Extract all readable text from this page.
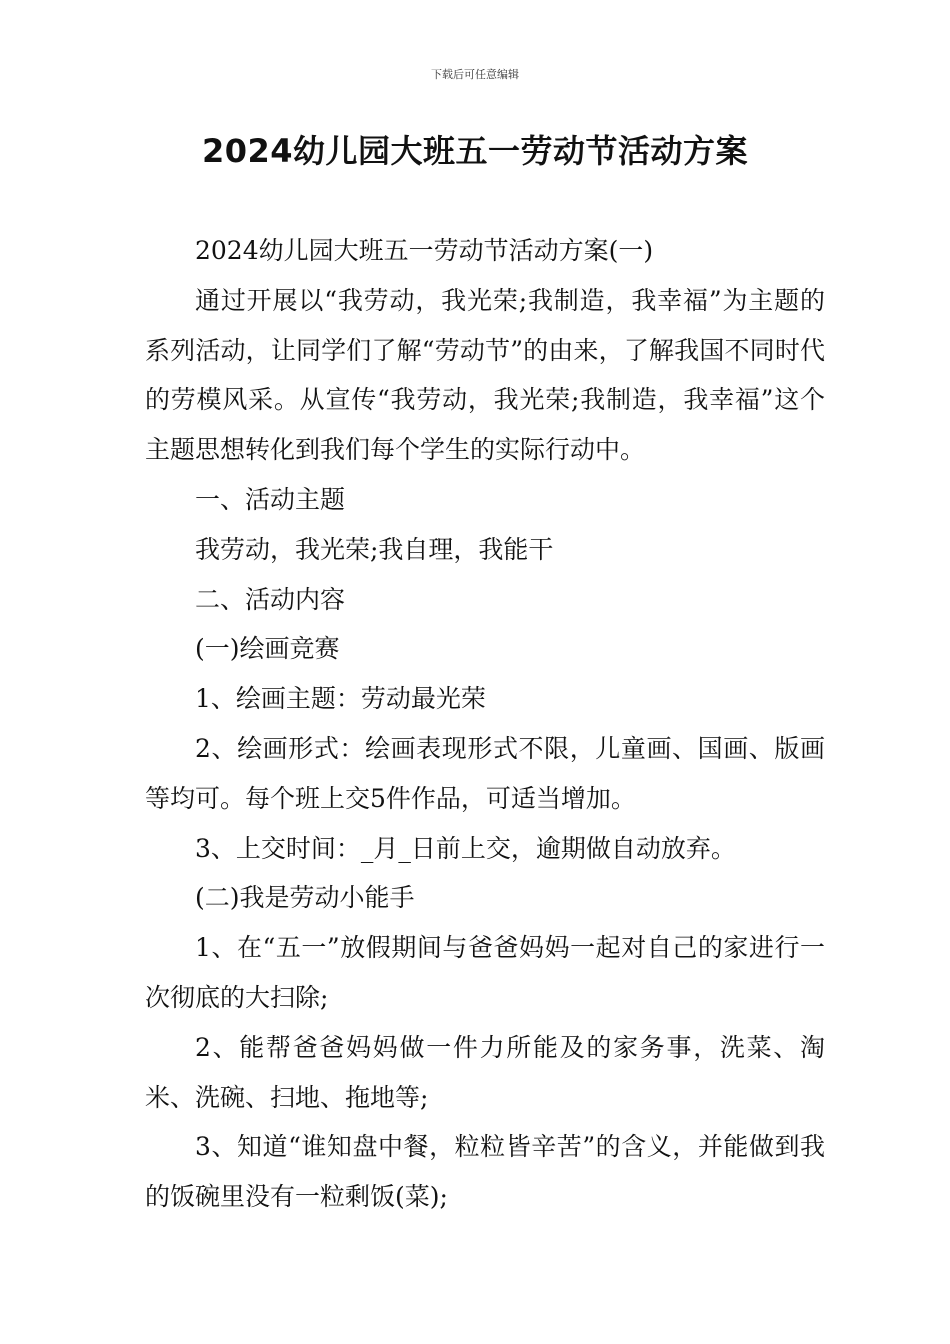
下载后可任意编辑
2024幼儿园大班五一劳动节活动方案

2024幼儿园大班五一劳动节活动方案(一)

通过开展以“我劳动，我光荣;我制造，我幸福”为主题的系列活动，让同学们了解“劳动节”的由来，了解我国不同时代的劳模风采。从宣传“我劳动，我光荣;我制造，我幸福”这个主题思想转化到我们每个学生的实际行动中。

一、活动主题

我劳动，我光荣;我自理，我能干

二、活动内容

(一)绘画竞赛

1、绘画主题：劳动最光荣

2、绘画形式：绘画表现形式不限，儿童画、国画、版画等均可。每个班上交5件作品，可适当增加。

3、上交时间：_月_日前上交，逾期做自动放弃。

(二)我是劳动小能手

1、在“五一”放假期间与爸爸妈妈一起对自己的家进行一次彻底的大扫除;

2、能帮爸爸妈妈做一件力所能及的家务事，洗菜、淘米、洗碗、扫地、拖地等;

3、知道“谁知盘中餐，粒粒皆辛苦”的含义，并能做到我的饭碗里没有一粒剩饭(菜);
